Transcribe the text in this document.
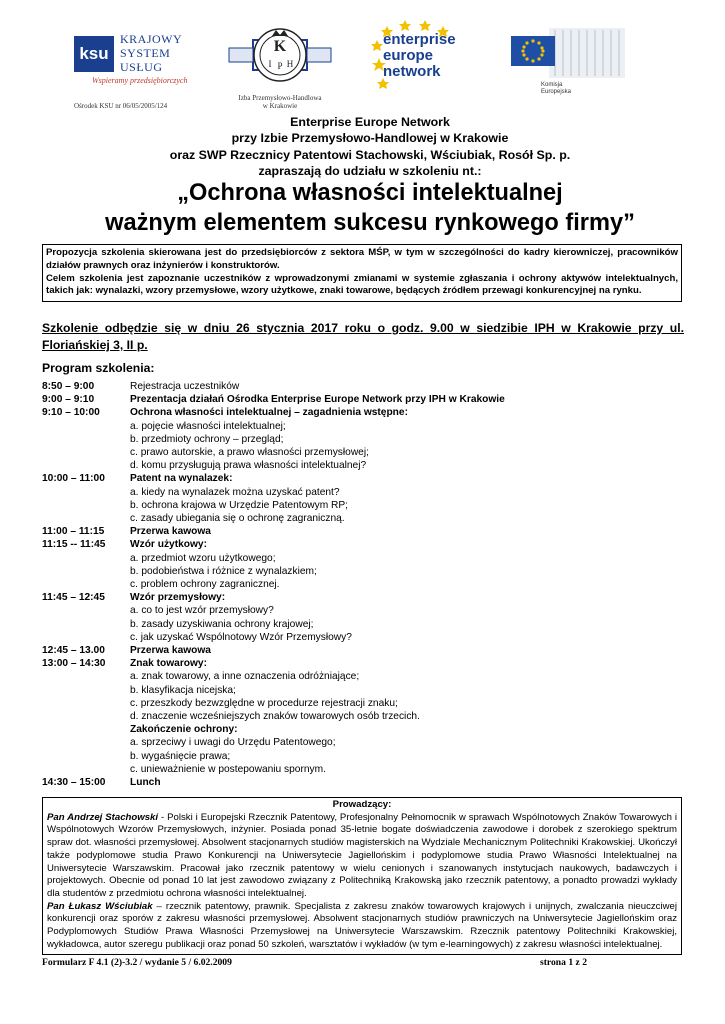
ksu
KRAJOWY
SYSTEM
USŁUG
Wspieramy przedsiębiorczych
Ośrodek KSU nr 06/05/2005/124
K
I P H
Izba Przemysłowo-Handlowa
w Krakowie
enterprise
europe
network
Komisja
Europejska
Enterprise Europe Network
przy Izbie Przemysłowo-Handlowej w Krakowie
oraz SWP Rzecznicy Patentowi Stachowski, Wściubiak, Rosół Sp. p.
zapraszają do udziału w szkoleniu nt.:
„Ochrona własności intelektualnej
ważnym elementem sukcesu rynkowego firmy”

Propozycja szkolenia skierowana jest do przedsiębiorców z sektora MŚP, w tym w szczególności do kadry kierowniczej, pracowników działów prawnych oraz inżynierów i konstruktorów.

Celem szkolenia jest zapoznanie uczestników z wprowadzonymi zmianami w systemie zgłaszania i ochrony aktywów intelektualnych, takich jak: wynalazki, wzory przemysłowe, wzory użytkowe, znaki towarowe, będących źródłem przewagi konkurencyjnej na rynku.

Szkolenie odbędzie się w dniu 26 stycznia 2017 roku o godz. 9.00 w siedzibie IPH w Krakowie przy ul. Floriańskiej 3, II p.
Program szkolenia:
8:50 – 9:00	Rejestracja uczestników
9:00 – 9:10	Prezentacja działań Ośrodka Enterprise Europe Network przy IPH w Krakowie
9:10 – 10:00	Ochrona własności intelektualnej – zagadnienia wstępne:
a. pojęcie własności intelektualnej;
b. przedmioty ochrony – przegląd;
c. prawo autorskie, a prawo własności przemysłowej;
d. komu przysługują prawa własności intelektualnej?
10:00 – 11:00	Patent na wynalazek:
a. kiedy na wynalazek można uzyskać patent?
b. ochrona krajowa w Urzędzie Patentowym RP;
c. zasady ubiegania się o ochronę zagraniczną.
11:00 – 11:15	Przerwa kawowa
11:15 -- 11:45	Wzór użytkowy:
a. przedmiot wzoru użytkowego;
b. podobieństwa i różnice z wynalazkiem;
c. problem ochrony zagranicznej.
11:45 – 12:45	Wzór przemysłowy:
a. co to jest wzór przemysłowy?
b. zasady uzyskiwania ochrony krajowej;
c. jak uzyskać Wspólnotowy Wzór Przemysłowy?
12:45 – 13.00	Przerwa kawowa
13:00 – 14:30	Znak towarowy:
a. znak towarowy, a inne oznaczenia odróżniające;
b. klasyfikacja nicejska;
c. przeszkody bezwzględne w procedurze rejestracji znaku;
d. znaczenie wcześniejszych znaków towarowych osób trzecich.
Zakończenie ochrony:
a. sprzeciwy i uwagi do Urzędu Patentowego;
b. wygaśnięcie prawa;
c. unieważnienie w postepowaniu spornym.
14:30 – 15:00	Lunch
Prowadzący:

Pan Andrzej Stachowski - Polski i Europejski Rzecznik Patentowy, Profesjonalny Pełnomocnik w sprawach Wspólnotowych Znaków Towarowych i Wspólnotowych Wzorów Przemysłowych, inżynier. Posiada ponad 35-letnie bogate doświadczenia zawodowe i dorobek z szerokiego spektrum spraw dot. własności przemysłowej. Absolwent stacjonarnych studiów magisterskich na Wydziale Mechanicznym Politechniki Krakowskiej. Ukończył także podyplomowe studia Prawo Konkurencji na Uniwersytecie Jagiellońskim i podyplomowe studia Prawo Własności Intelektualnej na Uniwersytecie Warszawskim. Pracował jako rzecznik patentowy w wielu cenionych i szanowanych instytucjach naukowych, badawczych i projektowych. Obecnie od ponad 10 lat jest zawodowo związany z Politechniką Krakowską jako rzecznik patentowy, a ponadto prowadzi wykłady dla studentów z przedmiotu ochrona własności intelektualnej.

Pan Łukasz Wściubiak – rzecznik patentowy, prawnik. Specjalista z zakresu znaków towarowych krajowych i unijnych, zwalczania nieuczciwej konkurencji oraz sporów z zakresu własności przemysłowej. Absolwent stacjonarnych studiów prawniczych na Uniwersytecie Jagiellońskim oraz Podyplomowych Studiów Prawa Własności Przemysłowej na Uniwersytecie Warszawskim. Rzecznik patentowy Politechniki Krakowskiej, wykładowca, autor szeregu publikacji oraz ponad 50 szkoleń, warsztatów i wykładów (w tym e-learningowych) z zakresu własności intelektualnej.

Formularz F 4.1 (2)-3.2 / wydanie 5 / 6.02.2009	strona 1 z 2
